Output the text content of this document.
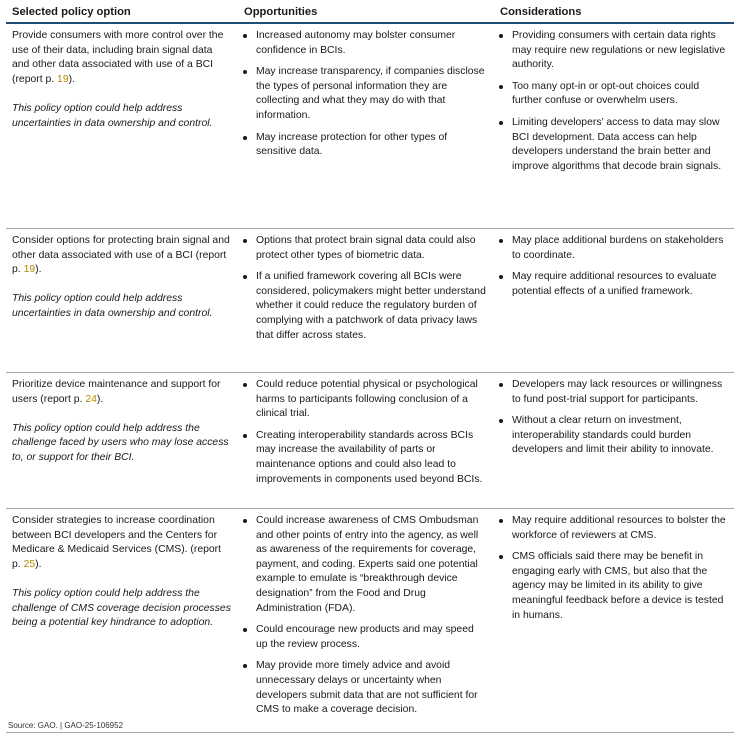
Selected policy option	Opportunities	Considerations

Provide consumers with more control over the use of their data, including brain signal data and other data associated with use of a BCI (report p. 19).

This policy option could help address uncertainties in data ownership and control.

Increased autonomy may bolster consumer confidence in BCIs.
May increase transparency, if companies disclose the types of personal information they are collecting and what they may do with that information.
May increase protection for other types of sensitive data.
Providing consumers with certain data rights may require new regulations or new legislative authority.
Too many opt-in or opt-out choices could further confuse or overwhelm users.
Limiting developers’ access to data may slow BCI development. Data access can help developers understand the brain better and improve algorithms that decode brain signals.

Consider options for protecting brain signal and other data associated with use of a BCI (report p. 19).

This policy option could help address uncertainties in data ownership and control.

Options that protect brain signal data could also protect other types of biometric data.
If a unified framework covering all BCIs were considered, policymakers might better understand whether it could reduce the regulatory burden of complying with a patchwork of data privacy laws that differ across states.
May place additional burdens on stakeholders to coordinate.
May require additional resources to evaluate potential effects of a unified framework.

Prioritize device maintenance and support for users (report p. 24).

This policy option could help address the challenge faced by users who may lose access to, or support for their BCI.

Could reduce potential physical or psychological harms to participants following conclusion of a clinical trial.
Creating interoperability standards across BCIs may increase the availability of parts or maintenance options and could also lead to improvements in components used beyond BCIs.
Developers may lack resources or willingness to fund post-trial support for participants.
Without a clear return on investment, interoperability standards could burden developers and limit their ability to innovate.

Consider strategies to increase coordination between BCI developers and the Centers for Medicare & Medicaid Services (CMS). (report p. 25).

This policy option could help address the challenge of CMS coverage decision processes being a potential key hindrance to adoption.

Could increase awareness of CMS Ombudsman and other points of entry into the agency, as well as awareness of the requirements for coverage, payment, and coding. Experts said one potential example to emulate is “breakthrough device designation” from the Food and Drug Administration (FDA).
Could encourage new products and may speed up the review process.
May provide more timely advice and avoid unnecessary delays or uncertainty when developers submit data that are not sufficient for CMS to make a coverage decision.
May require additional resources to bolster the workforce of reviewers at CMS.
CMS officials said there may be benefit in engaging early with CMS, but also that the agency may be limited in its ability to give meaningful feedback before a device is tested in humans.
Source: GAO. | GAO-25-106952
